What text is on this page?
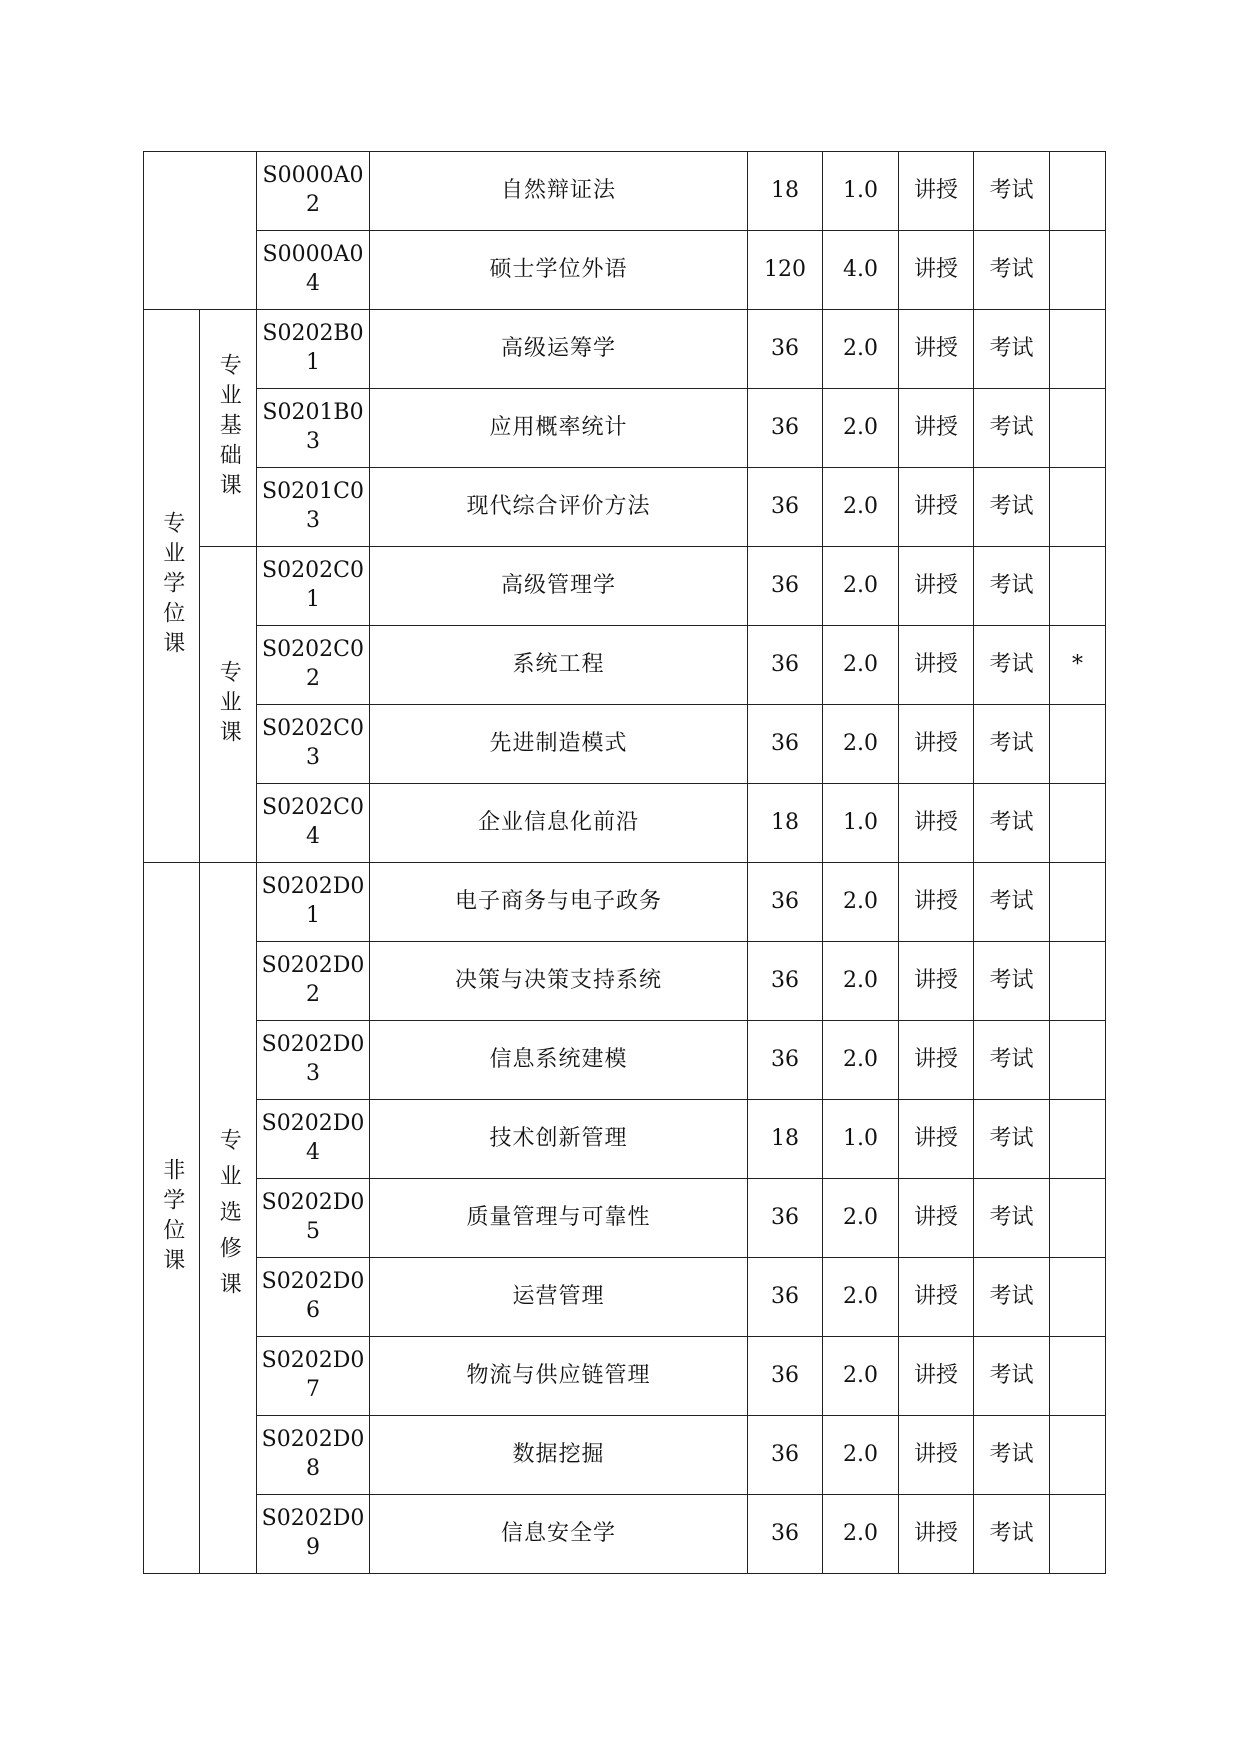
		S0000A02	自然辩证法	18	1.0	讲授	考试	
		S0000A04	硕士学位外语	120	4.0	讲授	考试	
专业学位课	专业基础课	S0202B01	高级运筹学	36	2.0	讲授	考试	
		S0201B03	应用概率统计	36	2.0	讲授	考试	
		S0201C03	现代综合评价方法	36	2.0	讲授	考试	
	专业课	S0202C01	高级管理学	36	2.0	讲授	考试	
		S0202C02	系统工程	36	2.0	讲授	考试	*
		S0202C03	先进制造模式	36	2.0	讲授	考试	
		S0202C04	企业信息化前沿	18	1.0	讲授	考试	
非学位课	专业选修课	S0202D01	电子商务与电子政务	36	2.0	讲授	考试	
		S0202D02	决策与决策支持系统	36	2.0	讲授	考试	
		S0202D03	信息系统建模	36	2.0	讲授	考试	
		S0202D04	技术创新管理	18	1.0	讲授	考试	
		S0202D05	质量管理与可靠性	36	2.0	讲授	考试	
		S0202D06	运营管理	36	2.0	讲授	考试	
		S0202D07	物流与供应链管理	36	2.0	讲授	考试	
		S0202D08	数据挖掘	36	2.0	讲授	考试	
		S0202D09	信息安全学	36	2.0	讲授	考试	
